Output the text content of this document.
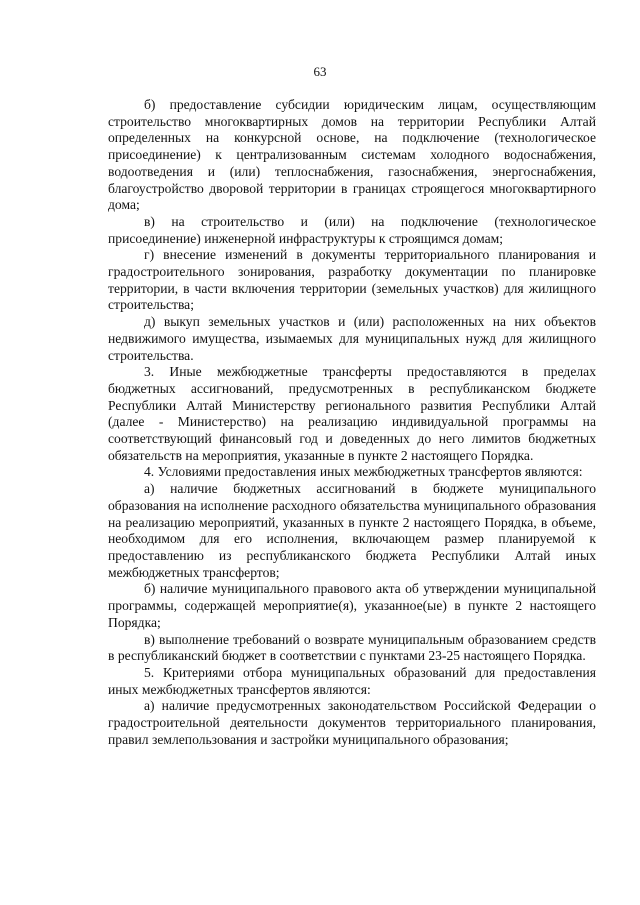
63

б) предоставление субсидии юридическим лицам, осуществляющим строительство многоквартирных домов на территории Республики Алтай определенных на конкурсной основе, на подключение (технологическое присоединение) к централизованным системам холодного водоснабжения, водоотведения и (или) теплоснабжения, газоснабжения, энергоснабжения, благоустройство дворовой территории в границах строящегося многоквартирного дома;

в) на строительство и (или) на подключение (технологическое присоединение) инженерной инфраструктуры к строящимся домам;

г) внесение изменений в документы территориального планирования и градостроительного зонирования, разработку документации по планировке территории, в части включения территории (земельных участков) для жилищного строительства;

д) выкуп земельных участков и (или) расположенных на них объектов недвижимого имущества, изымаемых для муниципальных нужд для жилищного строительства.

3. Иные межбюджетные трансферты предоставляются в пределах бюджетных ассигнований, предусмотренных в республиканском бюджете Республики Алтай Министерству регионального развития Республики Алтай (далее - Министерство) на реализацию индивидуальной программы на соответствующий финансовый год и доведенных до него лимитов бюджетных обязательств на мероприятия, указанные в пункте 2 настоящего Порядка.

4. Условиями предоставления иных межбюджетных трансфертов являются:

а) наличие бюджетных ассигнований в бюджете муниципального образования на исполнение расходного обязательства муниципального образования на реализацию мероприятий, указанных в пункте 2 настоящего Порядка, в объеме, необходимом для его исполнения, включающем размер планируемой к предоставлению из республиканского бюджета Республики Алтай иных межбюджетных трансфертов;

б) наличие муниципального правового акта об утверждении муниципальной программы, содержащей мероприятие(я), указанное(ые) в пункте 2 настоящего Порядка;

в) выполнение требований о возврате муниципальным образованием средств в республиканский бюджет в соответствии с пунктами 23-25 настоящего Порядка.

5. Критериями отбора муниципальных образований для предоставления иных межбюджетных трансфертов являются:

а) наличие предусмотренных законодательством Российской Федерации о градостроительной деятельности документов территориального планирования, правил землепользования и застройки муниципального образования;
